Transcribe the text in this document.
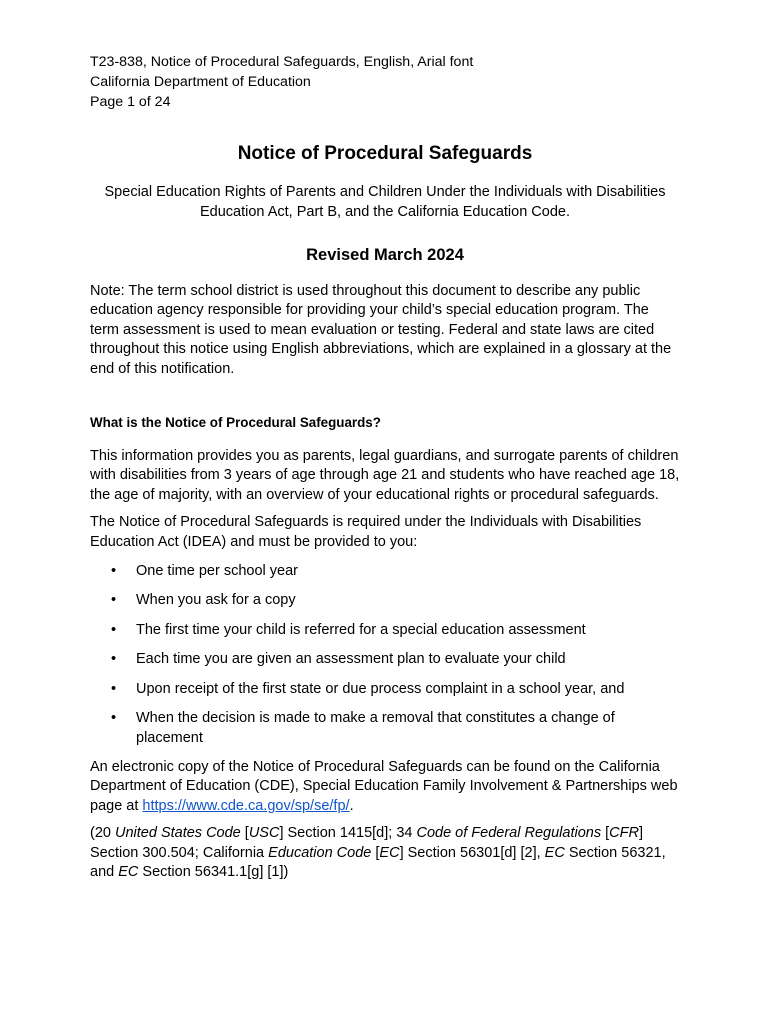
T23-838, Notice of Procedural Safeguards, English, Arial font
California Department of Education
Page 1 of 24
Notice of Procedural Safeguards
Special Education Rights of Parents and Children Under the Individuals with Disabilities
Education Act, Part B, and the California Education Code.
Revised March 2024
Note: The term school district is used throughout this document to describe any public education agency responsible for providing your child’s special education program. The term assessment is used to mean evaluation or testing. Federal and state laws are cited throughout this notice using English abbreviations, which are explained in a glossary at the end of this notification.
What is the Notice of Procedural Safeguards?
This information provides you as parents, legal guardians, and surrogate parents of children with disabilities from 3 years of age through age 21 and students who have reached age 18, the age of majority, with an overview of your educational rights or procedural safeguards.
The Notice of Procedural Safeguards is required under the Individuals with Disabilities Education Act (IDEA) and must be provided to you:
• One time per school year
• When you ask for a copy
• The first time your child is referred for a special education assessment
• Each time you are given an assessment plan to evaluate your child
• Upon receipt of the first state or due process complaint in a school year, and
• When the decision is made to make a removal that constitutes a change of placement
An electronic copy of the Notice of Procedural Safeguards can be found on the California Department of Education (CDE), Special Education Family Involvement & Partnerships web page at https://www.cde.ca.gov/sp/se/fp/.
(20 United States Code [USC] Section 1415[d]; 34 Code of Federal Regulations [CFR] Section 300.504; California Education Code [EC] Section 56301[d] [2], EC Section 56321, and EC Section 56341.1[g] [1])
